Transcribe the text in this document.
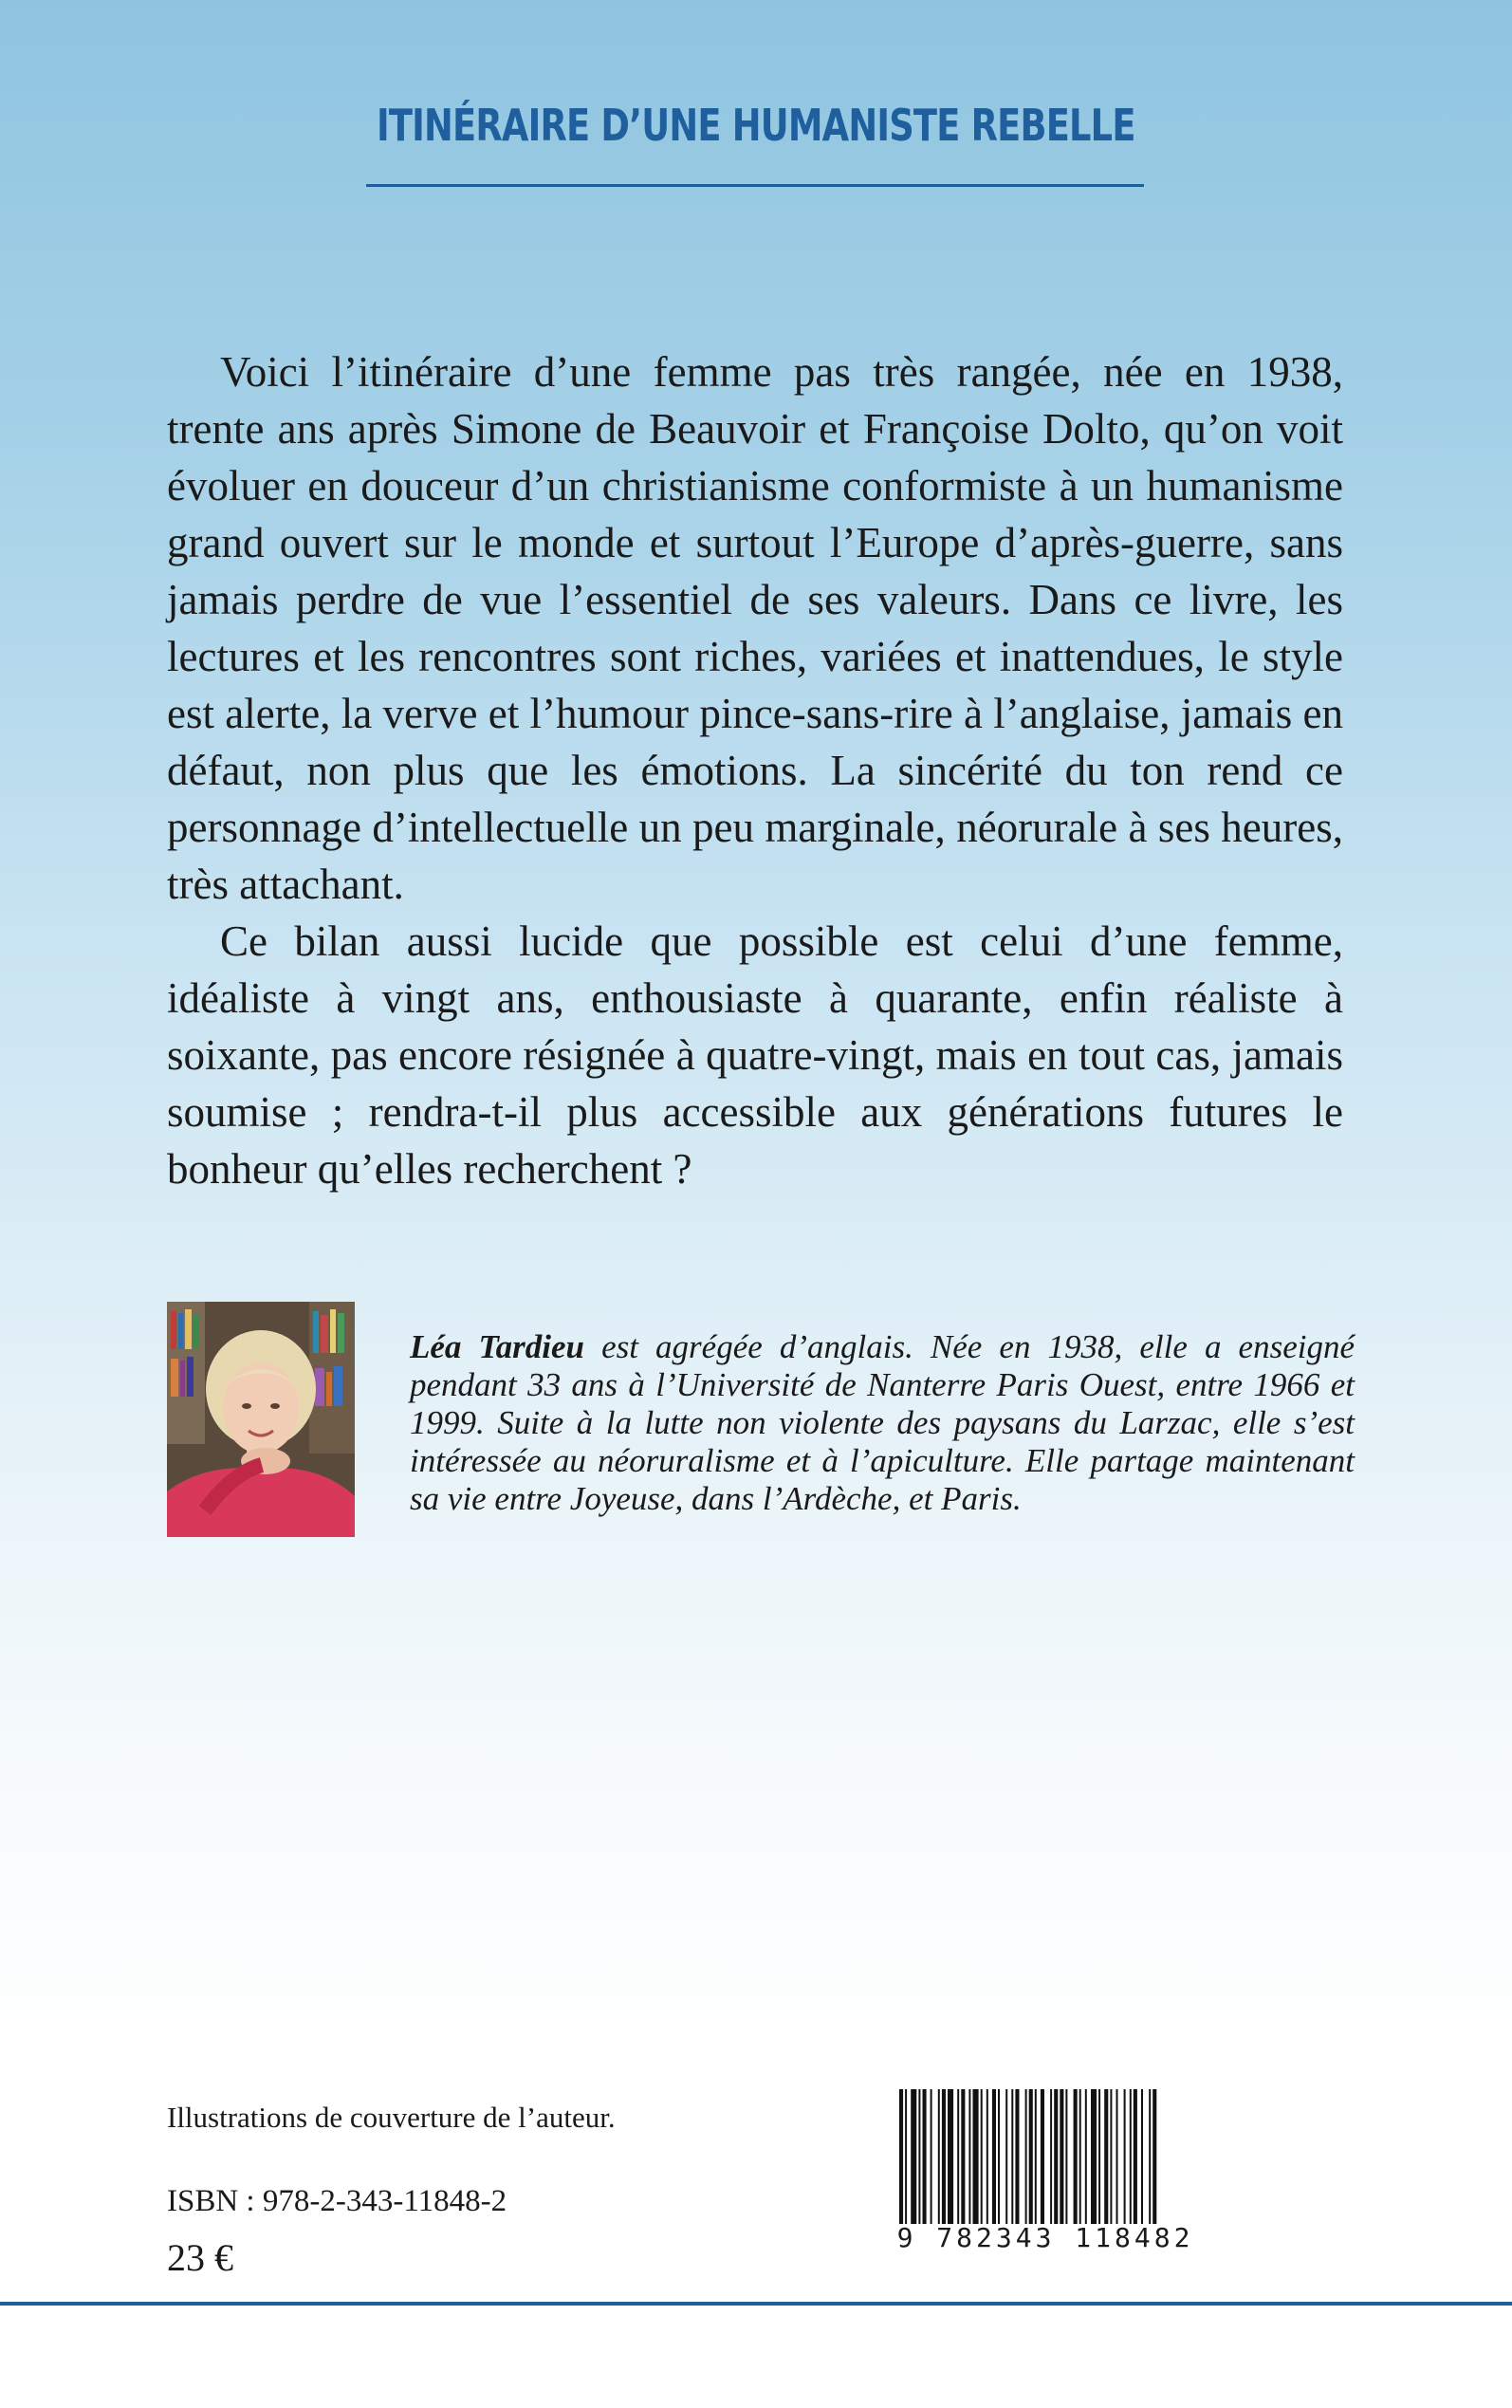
ITINÉRAIRE D’UNE HUMANISTE REBELLE

Voici l’itinéraire d’une femme pas très rangée, née en 1938, trente ans après Simone de Beauvoir et Françoise Dolto, qu’on voit évoluer en douceur d’un christianisme conformiste à un humanisme grand ouvert sur le monde et surtout l’Europe d’après-guerre, sans jamais perdre de vue l’essentiel de ses valeurs. Dans ce livre, les lectures et les rencontres sont riches, variées et inattendues, le style est alerte, la verve et l’humour pince-sans-rire à l’anglaise, jamais en défaut, non plus que les émotions. La sincérité du ton rend ce personnage d’intellectuelle un peu marginale, néorurale à ses heures, très attachant.

Ce bilan aussi lucide que possible est celui d’une femme, idéaliste à vingt ans, enthousiaste à quarante, enfin réaliste à soixante, pas encore résignée à quatre-vingt, mais en tout cas, jamais soumise ; rendra-t-il plus accessible aux générations futures le bonheur qu’elles recherchent ?

Léa Tardieu est agrégée d’anglais. Née en 1938, elle a enseigné pendant 33 ans à l’Université de Nanterre Paris Ouest, entre 1966 et 1999. Suite à la lutte non violente des paysans du Larzac, elle s’est intéressée au néoruralisme et à l’apiculture. Elle partage maintenant sa vie entre Joyeuse, dans l’Ardèche, et Paris.
Illustrations de couverture de l’auteur.
ISBN : 978-2-343-11848-2
23 €	9 782343 118482
